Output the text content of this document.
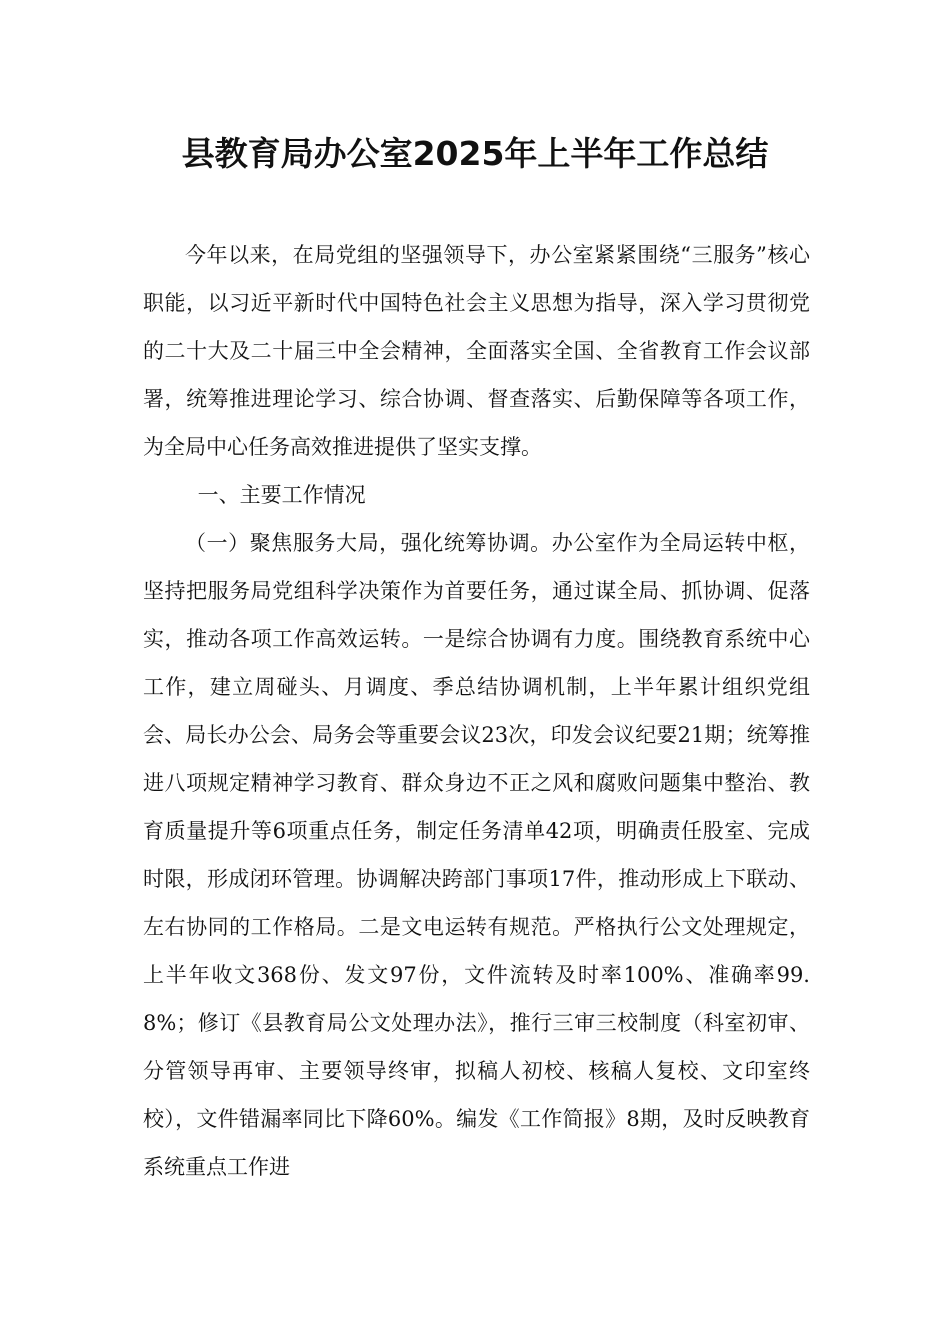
县教育局办公室2025年上半年工作总结

今年以来，在局党组的坚强领导下，办公室紧紧围绕“三服务”核心职能，以习近平新时代中国特色社会主义思想为指导，深入学习贯彻党的二十大及二十届三中全会精神，全面落实全国、全省教育工作会议部署，统筹推进理论学习、综合协调、督查落实、后勤保障等各项工作，为全局中心任务高效推进提供了坚实支撑。

一、主要工作情况

（一）聚焦服务大局，强化统筹协调。办公室作为全局运转中枢，坚持把服务局党组科学决策作为首要任务，通过谋全局、抓协调、促落实，推动各项工作高效运转。一是综合协调有力度。围绕教育系统中心工作，建立周碰头、月调度、季总结协调机制，上半年累计组织党组会、局长办公会、局务会等重要会议23次，印发会议纪要21期；统筹推进八项规定精神学习教育、群众身边不正之风和腐败问题集中整治、教育质量提升等6项重点任务，制定任务清单42项，明确责任股室、完成时限，形成闭环管理。协调解决跨部门事项17件，推动形成上下联动、左右协同的工作格局。二是文电运转有规范。严格执行公文处理规定，上半年收文368份、发文97份，文件流转及时率100%、准确率99.8%；修订《县教育局公文处理办法》，推行三审三校制度（科室初审、分管领导再审、主要领导终审，拟稿人初校、核稿人复校、文印室终校），文件错漏率同比下降60%。编发《工作简报》8期，及时反映教育系统重点工作进
